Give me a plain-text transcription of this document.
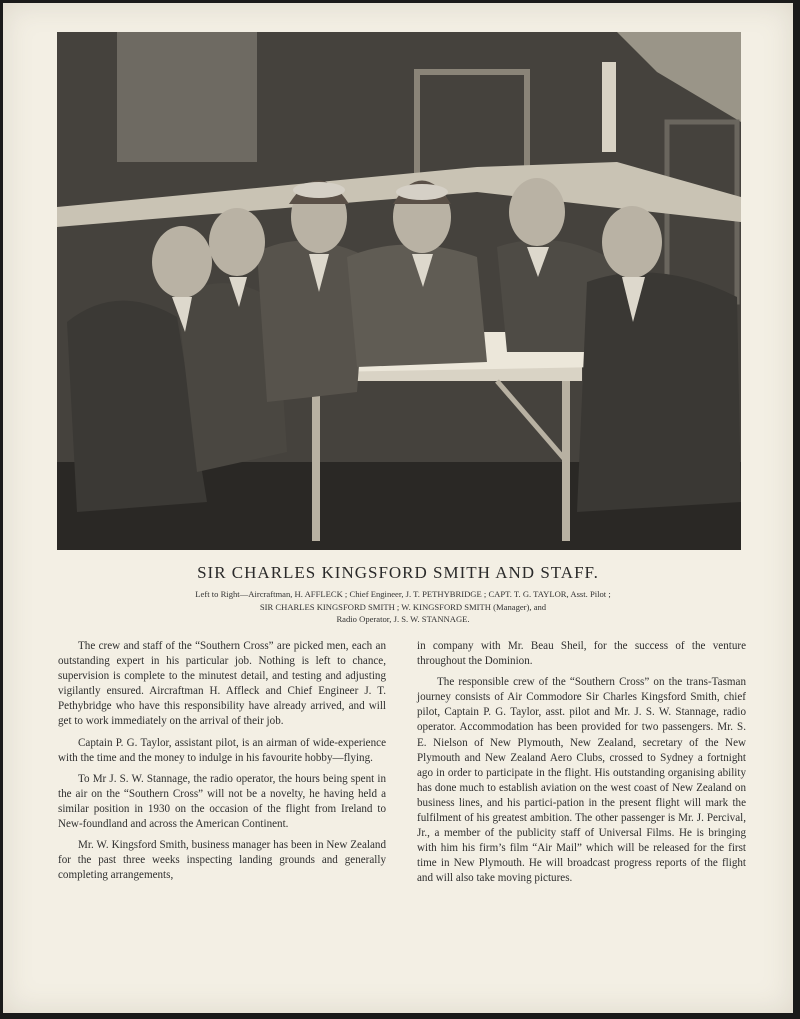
SIR CHARLES KINGSFORD SMITH AND STAFF.
Left to Right—Aircraftman, H. AFFLECK ; Chief Engineer, J. T. PETHYBRIDGE ; CAPT. T. G. TAYLOR, Asst. Pilot ;
SIR CHARLES KINGSFORD SMITH ; W. KINGSFORD SMITH (Manager), and
Radio Operator, J. S. W. STANNAGE.

The crew and staff of the “Southern Cross” are picked men, each an outstanding expert in his particular job. Nothing is left to chance, supervision is complete to the minutest detail, and testing and adjusting vigilantly ensured. Aircraftman H. Affleck and Chief Engineer J. T. Pethybridge who have this responsibility have already arrived, and will get to work immediately on the arrival of their job.

Captain P. G. Taylor, assistant pilot, is an airman of wide-experience with the time and the money to indulge in his favourite hobby—flying.

To Mr J. S. W. Stannage, the radio operator, the hours being spent in the air on the “Southern Cross” will not be a novelty, he having held a similar position in 1930 on the occasion of the flight from Ireland to New-foundland and across the American Continent.

Mr. W. Kingsford Smith, business manager has been in New Zealand for the past three weeks inspecting landing grounds and generally completing arrangements,

in company with Mr. Beau Sheil, for the success of the venture throughout the Dominion.

The responsible crew of the “Southern Cross” on the trans-Tasman journey consists of Air Commodore Sir Charles Kingsford Smith, chief pilot, Captain P. G. Taylor, asst. pilot and Mr. J. S. W. Stannage, radio operator. Accommodation has been provided for two passengers. Mr. S. E. Nielson of New Plymouth, New Zealand, secretary of the New Plymouth and New Zealand Aero Clubs, crossed to Sydney a fortnight ago in order to participate in the flight. His outstanding organising ability has done much to establish aviation on the west coast of New Zealand on business lines, and his partici-pation in the present flight will mark the fulfilment of his greatest ambition. The other passenger is Mr. J. Percival, Jr., a member of the publicity staff of Universal Films. He is bringing with him his firm’s film “Air Mail” which will be released for the first time in New Plymouth. He will broadcast progress reports of the flight and will also take moving pictures.
